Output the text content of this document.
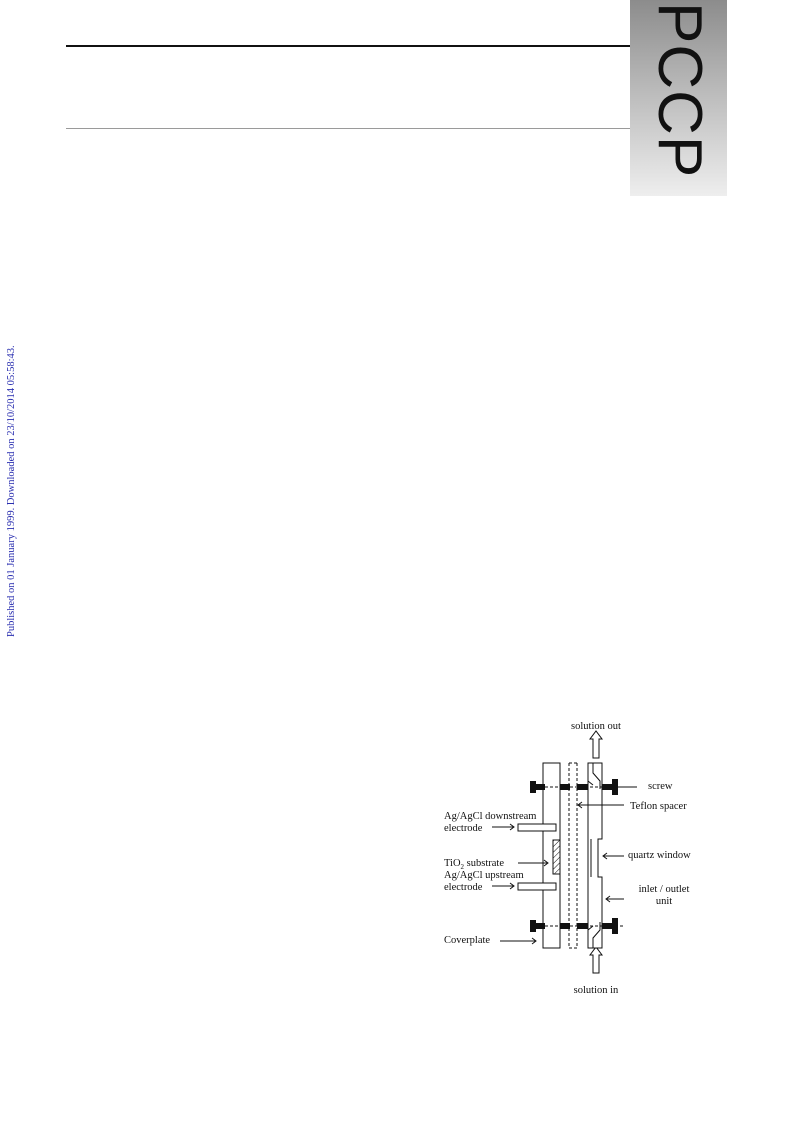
PCCP
Published on 01 January 1999. Downloaded on 23/10/2014 05:58:43.
solution out
solution in
screw
Teflon spacer
Ag/AgCl downstream
electrode
TiO$_2$ substrate
quartz window
Ag/AgCl upstream
electrode	inlet / outlet
unit
Coverplate
